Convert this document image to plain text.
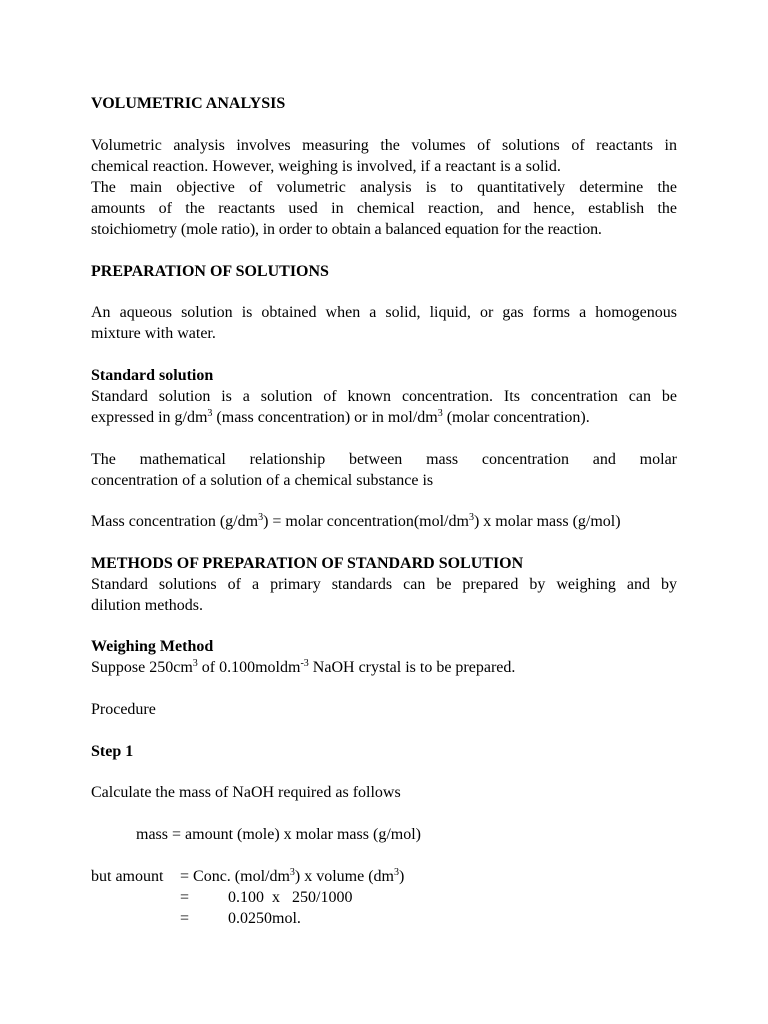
VOLUMETRIC ANALYSIS

Volumetric analysis involves measuring the volumes of solutions of reactants in

chemical reaction. However, weighing is involved, if a reactant is a solid.

The main objective of volumetric analysis is to quantitatively determine the

amounts of the reactants used in chemical reaction, and hence, establish the

stoichiometry (mole ratio), in order to obtain a balanced equation for the reaction.

PREPARATION OF SOLUTIONS

An aqueous solution is obtained when a solid, liquid, or gas forms a homogenous

mixture with water.

Standard solution

Standard solution is a solution of known concentration. Its concentration can be

expressed in $g/dm^3$ (mass concentration) or in mol/$dm^3$ (molar concentration).

The mathematical relationship between mass concentration and molar

concentration of a solution of a chemical substance is

Mass concentration $(g/dm^3)$ = molar $concentration(mol/dm^3)$ x molar mass (g/mol)

METHODS OF PREPARATION OF STANDARD SOLUTION

Standard solutions of a primary standards can be prepared by weighing and by

dilution methods.

Weighing Method

Suppose $250cm^3$ of 0.100moldm$^{-3}$ NaOH crystal is to be prepared.

Procedure

Step 1

Calculate the mass of NaOH required as follows

mass = amount (mole) x molar mass (g/mol)

but amount = Conc. $(mol/dm^3)$ x volume $(dm^3)$
= 0.100  x   250/1000
= 0.0250mol.
